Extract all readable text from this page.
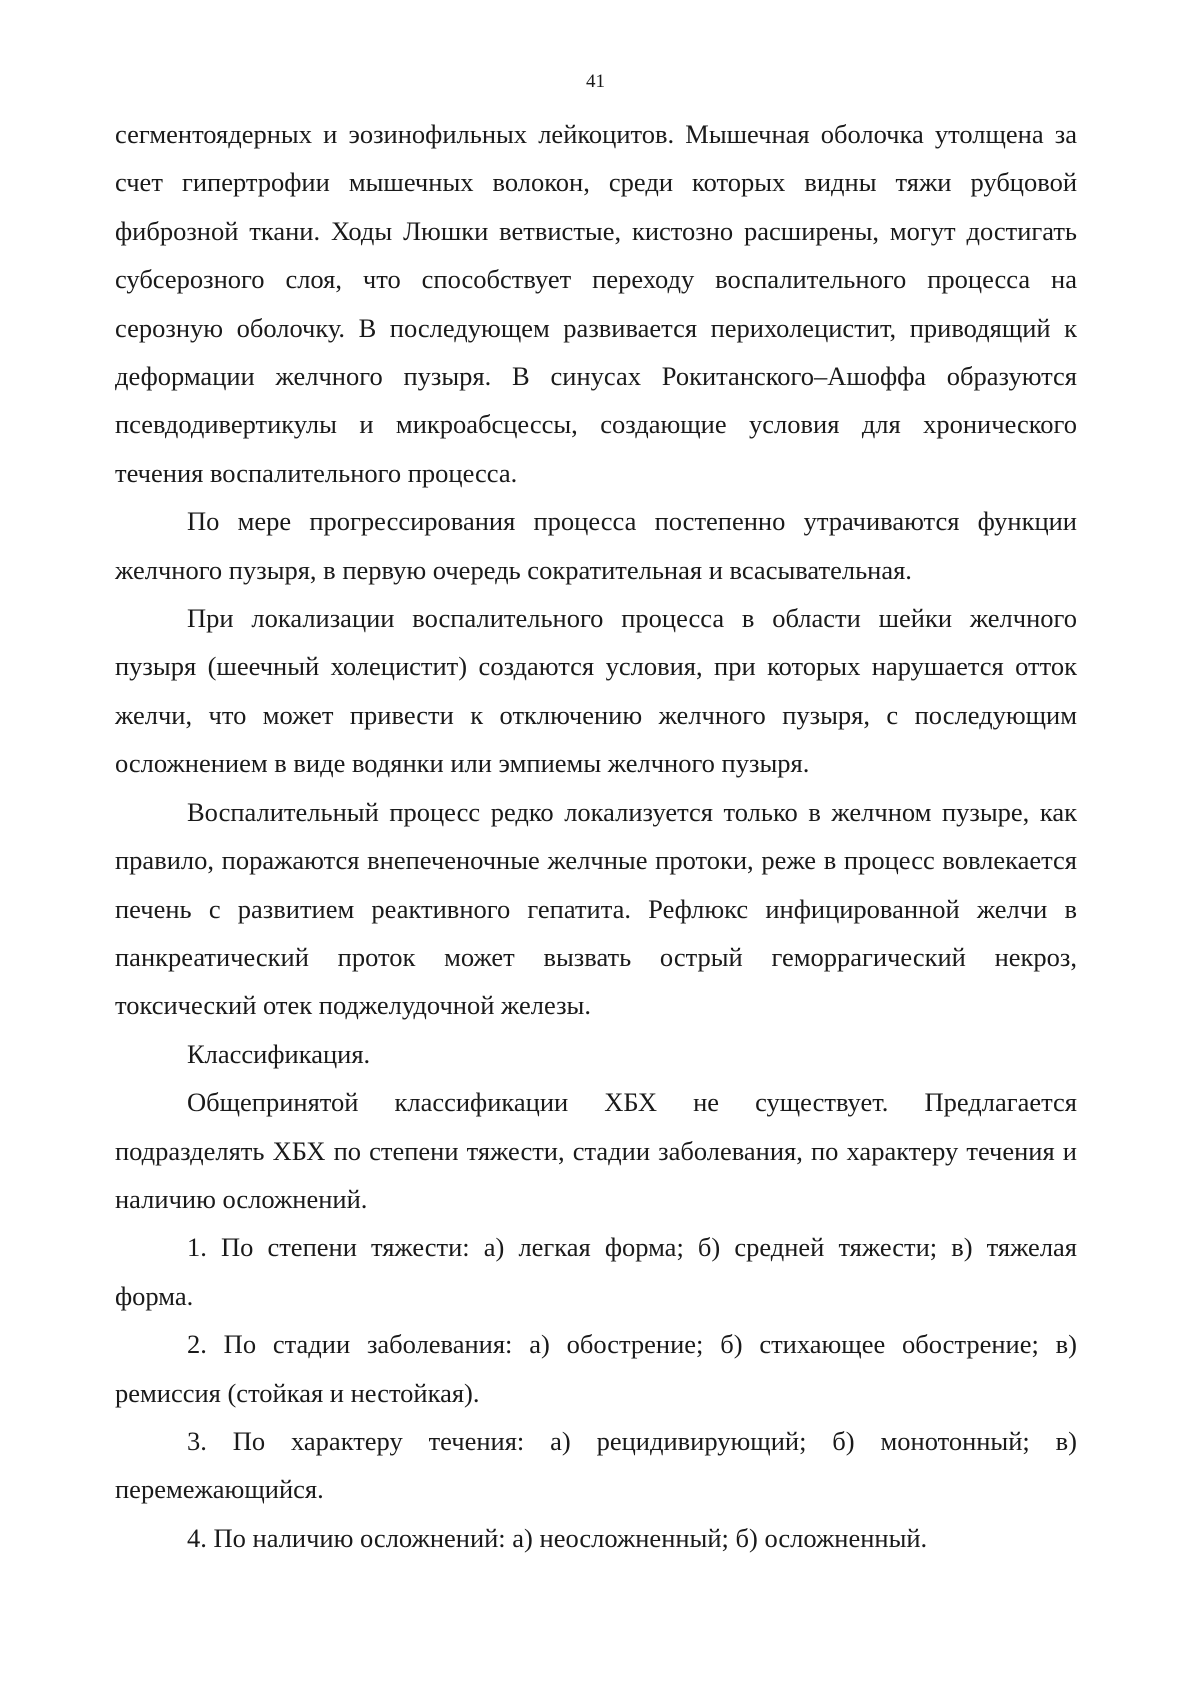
41

сегментоядерных и эозинофильных лейкоцитов. Мышечная оболочка утолщена за счет гипертрофии мышечных волокон, среди которых видны тяжи рубцовой фиброзной ткани. Ходы Люшки ветвистые, кистозно расширены, могут достигать субсерозного слоя, что способствует переходу воспалительного процесса на серозную оболочку. В последующем развивается перихолецистит, приводящий к деформации желчного пузыря. В синусах Рокитанского–Ашоффа образуются псевдодивертикулы и микроабсцессы, создающие условия для хронического течения воспалительного процесса.

По мере прогрессирования процесса постепенно утрачиваются функции желчного пузыря, в первую очередь сократительная и всасывательная.

При локализации воспалительного процесса в области шейки желчного пузыря (шеечный холецистит) создаются условия, при которых нарушается отток желчи, что может привести к отключению желчного пузыря, с последующим осложнением в виде водянки или эмпиемы желчного пузыря.

Воспалительный процесс редко локализуется только в желчном пузыре, как правило, поражаются внепеченочные желчные протоки, реже в процесс вовлекается печень с развитием реактивного гепатита. Рефлюкс инфицированной желчи в панкреатический проток может вызвать острый геморрагический некроз, токсический отек поджелудочной железы.

Классификация.

Общепринятой классификации ХБХ не существует. Предлагается подразделять ХБХ по степени тяжести, стадии заболевания, по характеру течения и наличию осложнений.

1. По степени тяжести: а) легкая форма; б) средней тяжести; в) тяжелая форма.

2. По стадии заболевания: а) обострение; б) стихающее обострение; в) ремиссия (стойкая и нестойкая).

3. По характеру течения: а) рецидивирующий; б) монотонный; в) перемежающийся.

4. По наличию осложнений: а) неосложненный; б) осложненный.
